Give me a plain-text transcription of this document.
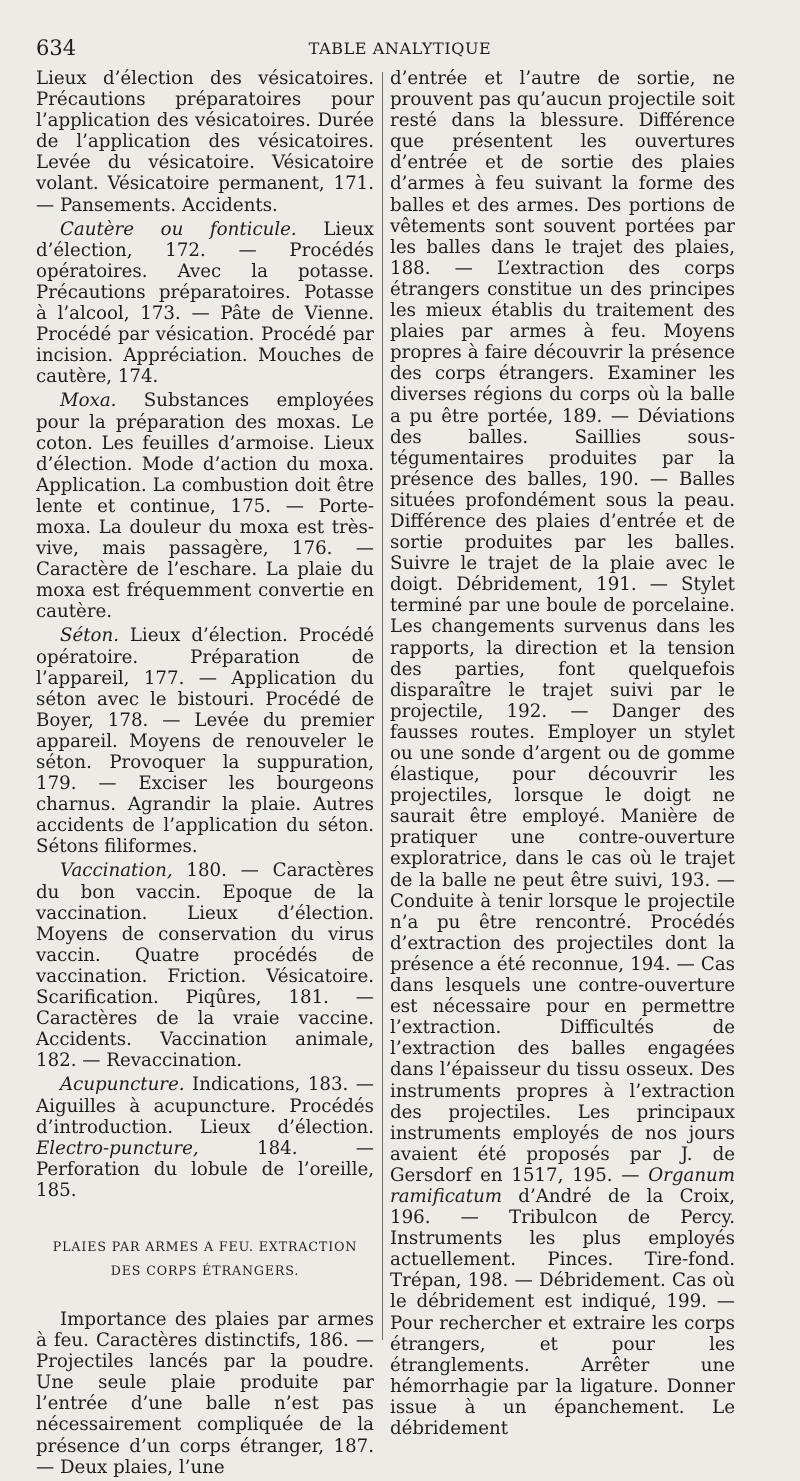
634	TABLE ANALYTIQUE

Lieux d’élection des vésicatoires. Précautions préparatoires pour l’application des vésicatoires. Durée de l’application des vésicatoires. Levée du vésicatoire. Vésicatoire volant. Vésicatoire permanent, 171. — Pansements. Accidents.

Cautère ou fonticule. Lieux d’élection, 172. — Procédés opératoires. Avec la potasse. Précautions préparatoires. Potasse à l’alcool, 173. — Pâte de Vienne. Procédé par vésication. Procédé par incision. Appréciation. Mouches de cautère, 174.

Moxa. Substances employées pour la préparation des moxas. Le coton. Les feuilles d’armoise. Lieux d’élection. Mode d’action du moxa. Application. La combustion doit être lente et continue, 175. — Porte-moxa. La douleur du moxa est très-vive, mais passagère, 176. — Caractère de l’eschare. La plaie du moxa est fréquemment convertie en cautère.

Séton. Lieux d’élection. Procédé opératoire. Préparation de l’appareil, 177. — Application du séton avec le bistouri. Procédé de Boyer, 178. — Levée du premier appareil. Moyens de renouveler le séton. Provoquer la suppuration, 179. — Exciser les bourgeons charnus. Agrandir la plaie. Autres accidents de l’application du séton. Sétons filiformes.

Vaccination, 180. — Caractères du bon vaccin. Epoque de la vaccination. Lieux d’élection. Moyens de conservation du virus vaccin. Quatre procédés de vaccination. Friction. Vésicatoire. Scarification. Piqûres, 181. — Caractères de la vraie vaccine. Accidents. Vaccination animale, 182. — Revaccination.

Acupuncture. Indications, 183. — Aiguilles à acupuncture. Procédés d’introduction. Lieux d’élection. Electro-puncture, 184. — Perforation du lobule de l’oreille, 185.

PLAIES PAR ARMES A FEU. EXTRACTION
DES CORPS ÉTRANGERS.

Importance des plaies par armes à feu. Caractères distinctifs, 186. — Projectiles lancés par la poudre. Une seule plaie produite par l’entrée d’une balle n’est pas nécessairement compliquée de la présence d’un corps étranger, 187. — Deux plaies, l’une

d’entrée et l’autre de sortie, ne prouvent pas qu’aucun projectile soit resté dans la blessure. Différence que présentent les ouvertures d’entrée et de sortie des plaies d’armes à feu suivant la forme des balles et des armes. Des portions de vêtements sont souvent portées par les balles dans le trajet des plaies, 188. — L’extraction des corps étrangers constitue un des principes les mieux établis du traitement des plaies par armes à feu. Moyens propres à faire découvrir la présence des corps étrangers. Examiner les diverses régions du corps où la balle a pu être portée, 189. — Déviations des balles. Saillies sous-tégumentaires produites par la présence des balles, 190. — Balles situées profondément sous la peau. Différence des plaies d’entrée et de sortie produites par les balles. Suivre le trajet de la plaie avec le doigt. Débridement, 191. — Stylet terminé par une boule de porcelaine. Les changements survenus dans les rapports, la direction et la tension des parties, font quelquefois disparaître le trajet suivi par le projectile, 192. — Danger des fausses routes. Employer un stylet ou une sonde d’argent ou de gomme élastique, pour découvrir les projectiles, lorsque le doigt ne saurait être employé. Manière de pratiquer une contre-ouverture exploratrice, dans le cas où le trajet de la balle ne peut être suivi, 193. — Conduite à tenir lorsque le projectile n’a pu être rencontré. Procédés d’extraction des projectiles dont la présence a été reconnue, 194. — Cas dans lesquels une contre-ouverture est nécessaire pour en permettre l’extraction. Difficultés de l’extraction des balles engagées dans l’épaisseur du tissu osseux. Des instruments propres à l’extraction des projectiles. Les principaux instruments employés de nos jours avaient été proposés par J. de Gersdorf en 1517, 195. — Organum ramificatum d’André de la Croix, 196. — Tribulcon de Percy. Instruments les plus employés actuellement. Pinces. Tire-fond. Trépan, 198. — Débridement. Cas où le débridement est indiqué, 199. — Pour rechercher et extraire les corps étrangers, et pour les étranglements. Arrêter une hémorrhagie par la ligature. Donner issue à un épanchement. Le débridement
